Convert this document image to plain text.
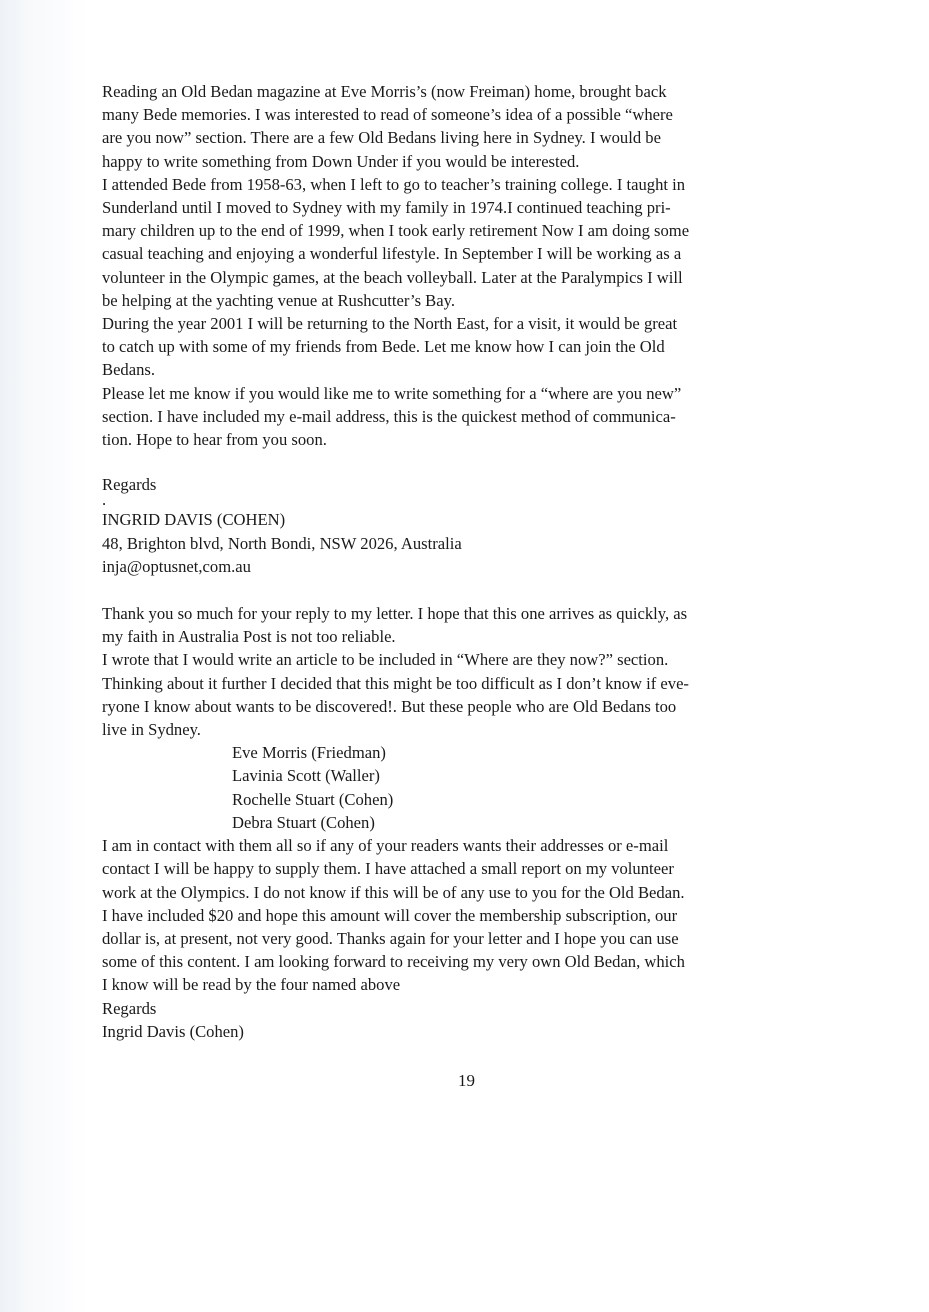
Reading an Old Bedan magazine at Eve Morris’s (now Freiman) home, brought back
many Bede memories. I was interested to read of someone’s idea of a possible “where
are you now” section. There are a few Old Bedans living here in Sydney. I would be
happy to write something from Down Under if you would be interested.
I attended Bede from 1958-63, when I left to go to teacher’s training college. I taught in
Sunderland until I moved to Sydney with my family in 1974.I continued teaching pri-
mary children up to the end of 1999, when I took early retirement Now I am doing some
casual teaching and enjoying a wonderful lifestyle. In September I will be working as a
volunteer in the Olympic games, at the beach volleyball. Later at the Paralympics I will
be helping at the yachting venue at Rushcutter’s Bay.
During the year 2001 I will be returning to the North East, for a visit, it would be great
to catch up with some of my friends from Bede. Let me know how I can join the Old
Bedans.
Please let me know if you would like me to write something for a “where are you new”
section. I have included my e-mail address, this is the quickest method of communica-
tion. Hope to hear from you soon.

Regards

.

INGRID DAVIS (COHEN)

48, Brighton blvd, North Bondi, NSW 2026, Australia

inja@optusnet,com.au

Thank you so much for your reply to my letter. I hope that this one arrives as quickly, as
my faith in Australia Post is not too reliable.
I wrote that I would write an article to be included in “Where are they now?” section.
Thinking about it further I decided that this might be too difficult as I don’t know if eve-
ryone I know about wants to be discovered!. But these people who are Old Bedans too
live in Sydney.

Eve Morris (Friedman)

Lavinia Scott (Waller)

Rochelle Stuart (Cohen)

Debra Stuart (Cohen)

I am in contact with them all so if any of your readers wants their addresses or e-mail
contact I will be happy to supply them. I have attached a small report on my volunteer
work at the Olympics. I do not know if this will be of any use to you for the Old Bedan.
I have included $20 and hope this amount will cover the membership subscription, our
dollar is, at present, not very good. Thanks again for your letter and I hope you can use
some of this content. I am looking forward to receiving my very own Old Bedan, which
I know will be read by the four named above

Regards

Ingrid Davis (Cohen)

19
